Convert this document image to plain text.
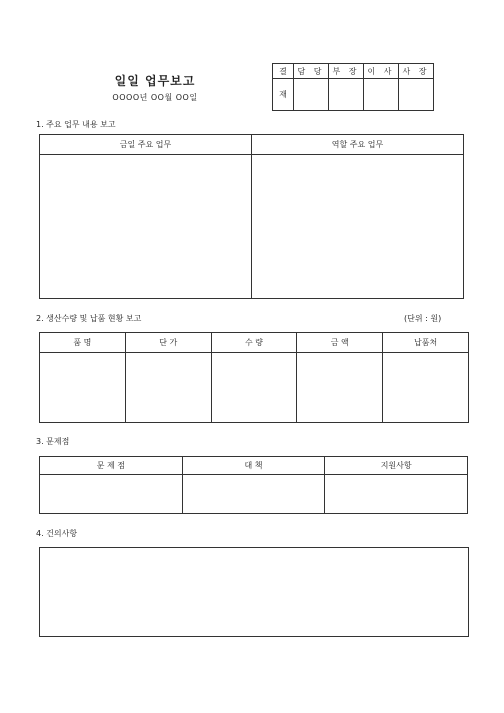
일일 업무보고
OOOO년 OO월 OO일
결	담 당	부 장	이 사	사 장
재				
1. 주요 업무 내용 보고
금일 주요 업무	역할 주요 업무

2. 생산수량 및 납품 현황 보고	(단위 : 원)
품 명	단 가	수 량	금 액	납품처

3. 문제점
문 제 점	대 책	지원사항

4. 건의사항
